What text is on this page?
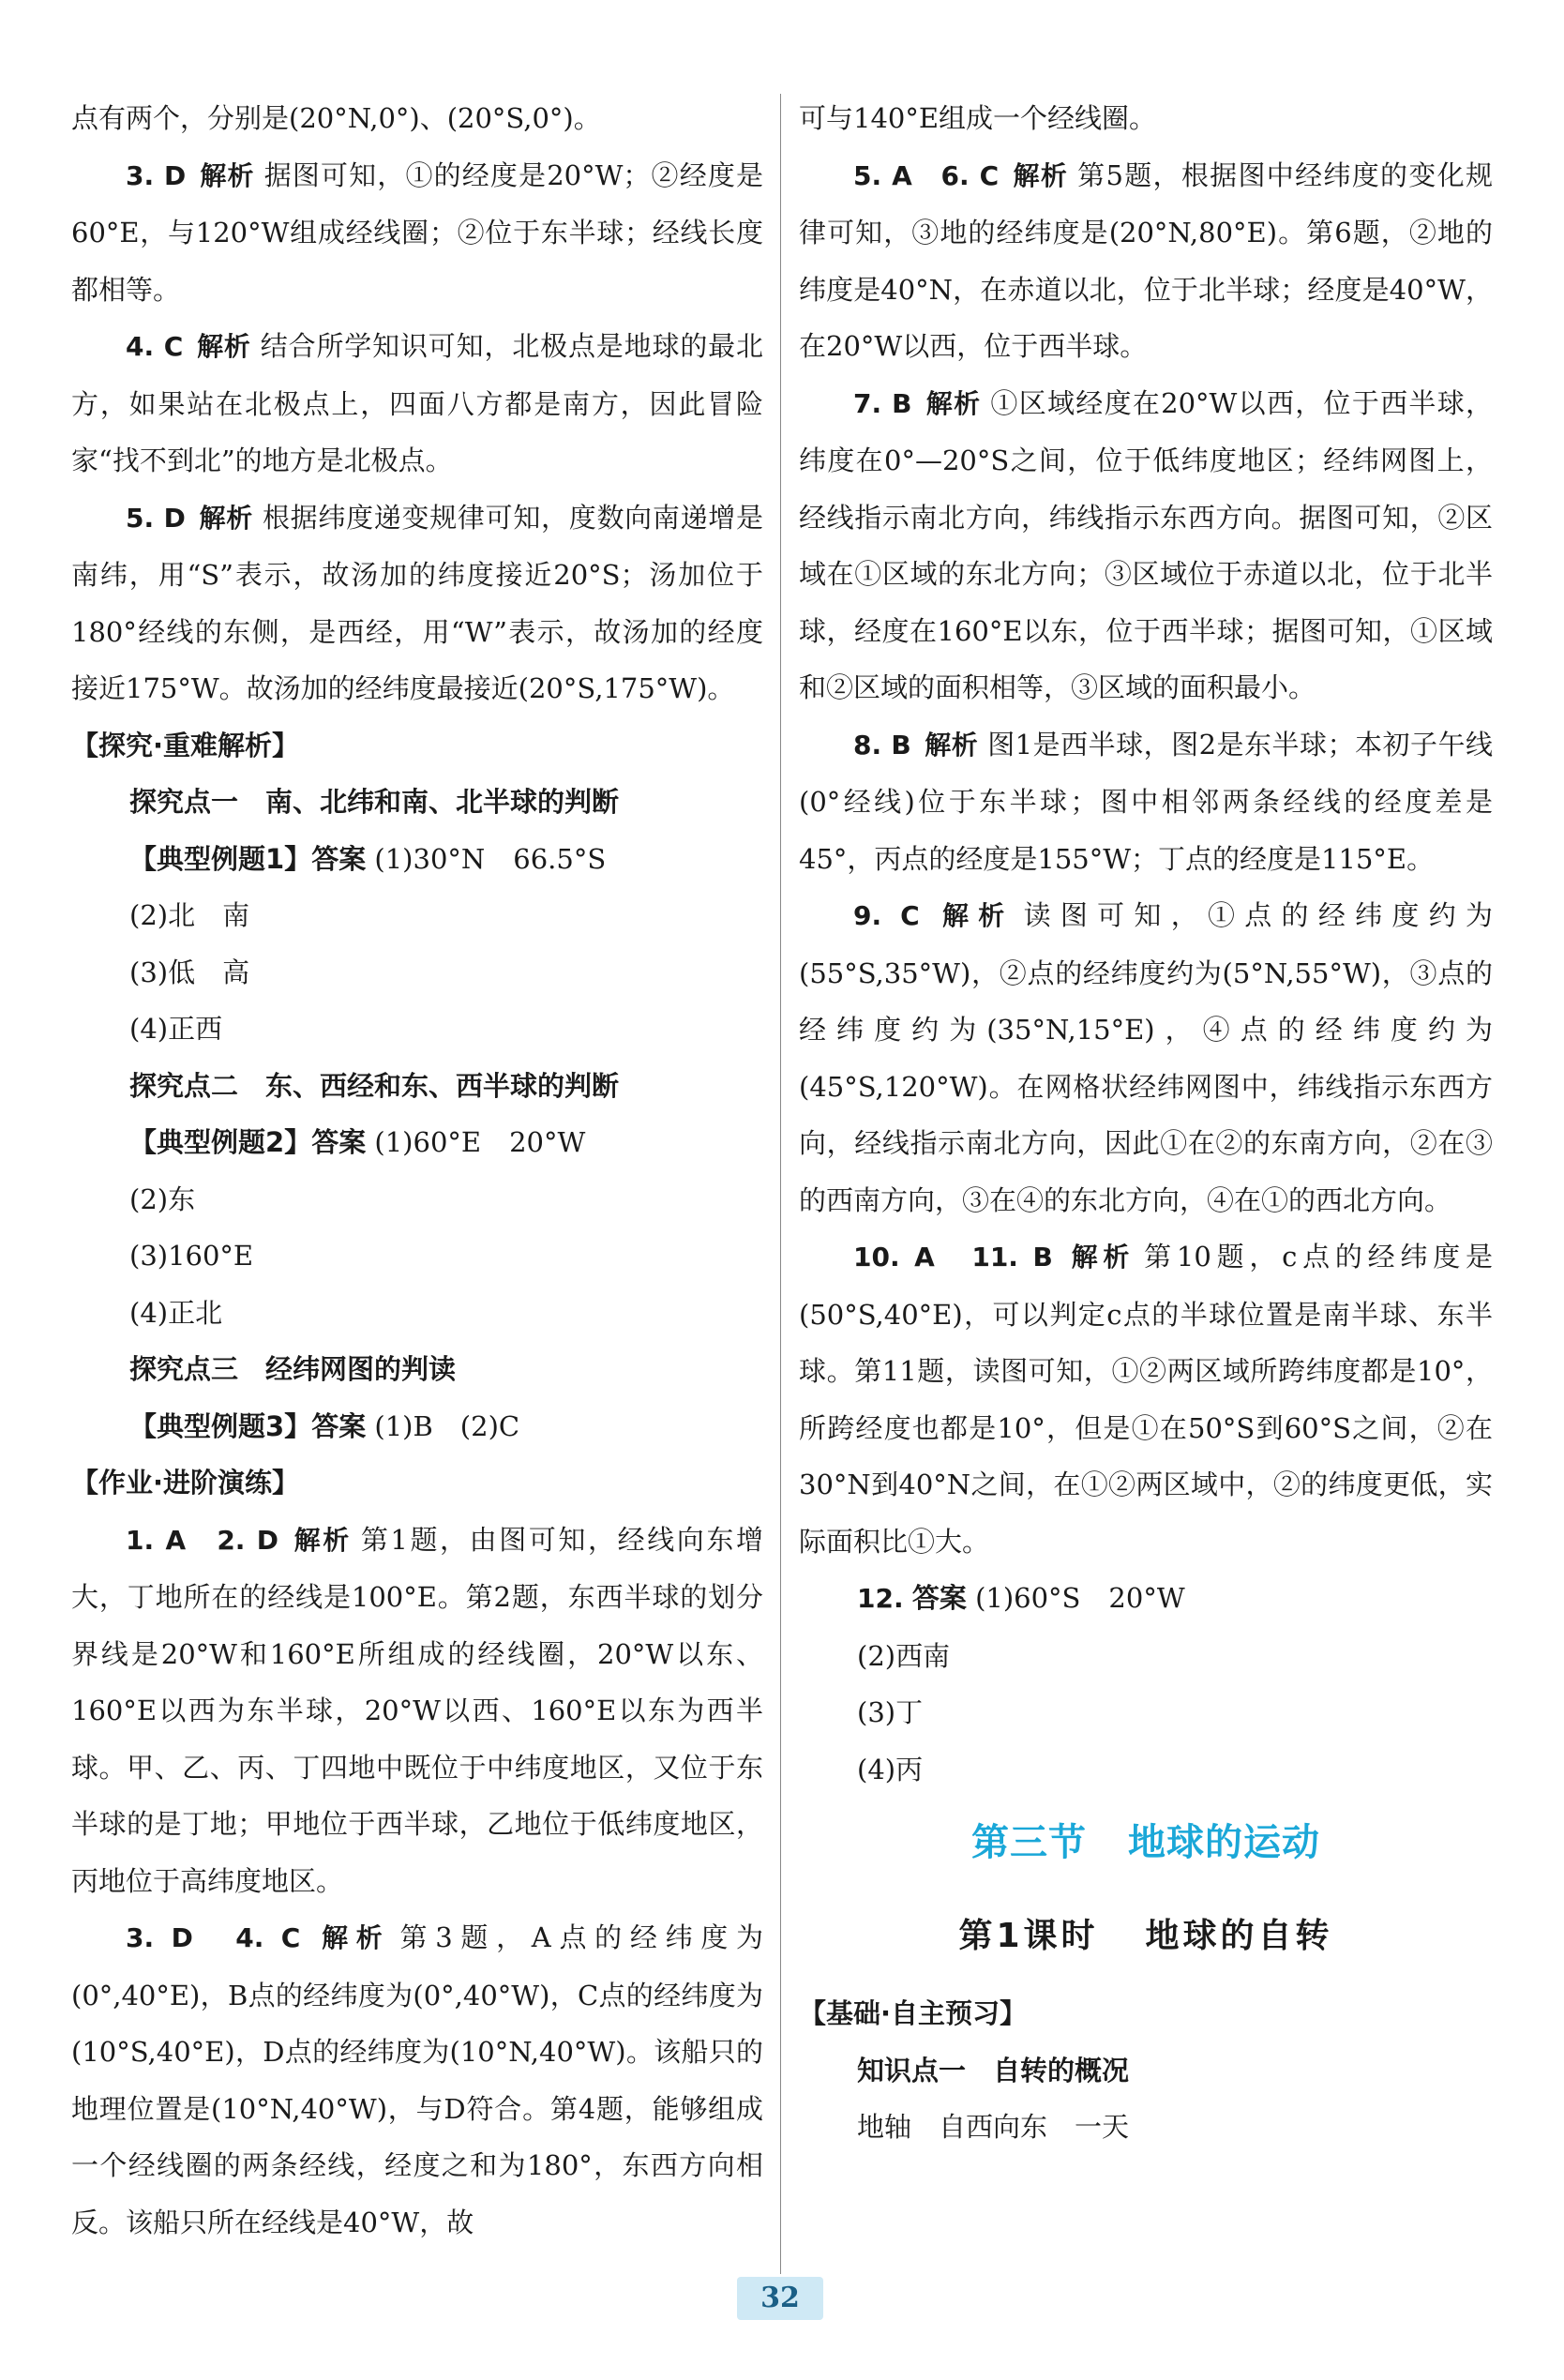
点有两个，分别是(20°N,0°)、(20°S,0°)。

3. D 解析 据图可知，①的经度是20°W；②经度是60°E，与120°W组成经线圈；②位于东半球；经线长度都相等。

4. C 解析 结合所学知识可知，北极点是地球的最北方，如果站在北极点上，四面八方都是南方，因此冒险家“找不到北”的地方是北极点。

5. D 解析 根据纬度递变规律可知，度数向南递增是南纬，用“S”表示，故汤加的纬度接近20°S；汤加位于180°经线的东侧，是西经，用“W”表示，故汤加的经度接近175°W。故汤加的经纬度最接近(20°S,175°W)。

【探究·重难解析】

探究点一　南、北纬和南、北半球的判断

【典型例题1】答案 (1)30°N 66.5°S

(2)北　南

(3)低　高

(4)正西

探究点二　东、西经和东、西半球的判断

【典型例题2】答案 (1)60°E 20°W

(2)东

(3)160°E

(4)正北

探究点三　经纬网图的判读

【典型例题3】答案 (1)B　(2)C

【作业·进阶演练】

1. A　2. D 解析 第1题，由图可知，经线向东增大，丁地所在的经线是100°E。第2题，东西半球的划分界线是20°W和160°E所组成的经线圈，20°W以东、160°E以西为东半球，20°W以西、160°E以东为西半球。甲、乙、丙、丁四地中既位于中纬度地区，又位于东半球的是丁地；甲地位于西半球，乙地位于低纬度地区，丙地位于高纬度地区。

3. D　4. C 解析 第3题，A点的经纬度为(0°,40°E)，B点的经纬度为(0°,40°W)，C点的经纬度为(10°S,40°E)，D点的经纬度为(10°N,40°W)。该船只的地理位置是(10°N,40°W)，与D符合。第4题，能够组成一个经线圈的两条经线，经度之和为180°，东西方向相反。该船只所在经线是40°W，故

可与140°E组成一个经线圈。

5. A　6. C 解析 第5题，根据图中经纬度的变化规律可知，③地的经纬度是(20°N,80°E)。第6题，②地的纬度是40°N，在赤道以北，位于北半球；经度是40°W，在20°W以西，位于西半球。

7. B 解析 ①区域经度在20°W以西，位于西半球，纬度在0°—20°S之间，位于低纬度地区；经纬网图上，经线指示南北方向，纬线指示东西方向。据图可知，②区域在①区域的东北方向；③区域位于赤道以北，位于北半球，经度在160°E以东，位于西半球；据图可知，①区域和②区域的面积相等，③区域的面积最小。

8. B 解析 图1是西半球，图2是东半球；本初子午线(0°经线)位于东半球；图中相邻两条经线的经度差是45°，丙点的经度是155°W；丁点的经度是115°E。

9. C 解析 读图可知，①点的经纬度约为(55°S,35°W)，②点的经纬度约为(5°N,55°W)，③点的经纬度约为(35°N,15°E)，④点的经纬度约为(45°S,120°W)。在网格状经纬网图中，纬线指示东西方向，经线指示南北方向，因此①在②的东南方向，②在③的西南方向，③在④的东北方向，④在①的西北方向。

10. A　11. B 解析 第10题，c点的经纬度是(50°S,40°E)，可以判定c点的半球位置是南半球、东半球。第11题，读图可知，①②两区域所跨纬度都是10°，所跨经度也都是10°，但是①在50°S到60°S之间，②在30°N到40°N之间，在①②两区域中，②的纬度更低，实际面积比①大。

12. 答案 (1)60°S 20°W

(2)西南

(3)丁

(4)丙

第三节 地球的运动
第1课时 地球的自转

【基础·自主预习】

知识点一　自转的概况

地轴　自西向东　一天

32
